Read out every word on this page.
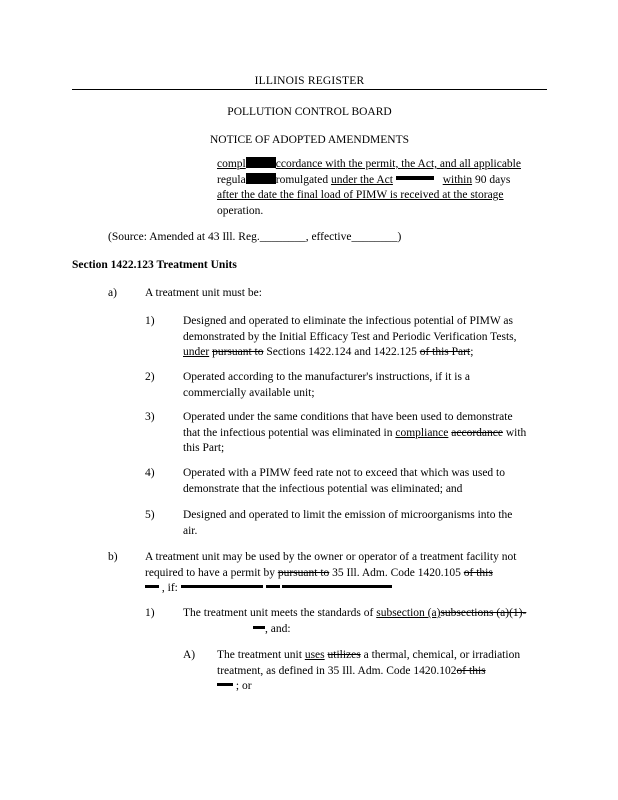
ILLINOIS REGISTER
POLLUTION CONTROL BOARD
NOTICE OF ADOPTED AMENDMENTS
compl	ccordance with the permit, the Act, and all applicable
regula	romulgated under the Act	within 90 days
after the date the final load of PIMW is received at the storage
operation.
(Source: Amended at 43 Ill. Reg.________, effective________)
Section 1422.123 Treatment Units
a) A treatment unit must be:
1) Designed and operated to eliminate the infectious potential of PIMW as
demonstrated by the Initial Efficacy Test and Periodic Verification Tests,
under pursuant to Sections 1422.124 and 1422.125 of this Part;
2) Operated according to the manufacturer's instructions, if it is a
commercially available unit;
3) Operated under the same conditions that have been used to demonstrate
that the infectious potential was eliminated in compliance accordance with
this Part;
4) Operated with a PIMW feed rate not to exceed that which was used to
demonstrate that the infectious potential was eliminated; and
5) Designed and operated to limit the emission of microorganisms into the
air.
b) A treatment unit may be used by the owner or operator of a treatment facility not
required to have a permit by pursuant to 35 Ill. Adm. Code 1420.105 of this
, if:
1) The treatment unit meets the standards of subsection (a)subsections (a)(1)-
, and:
A) The treatment unit uses utilizes a thermal, chemical, or irradiation
treatment, as defined in 35 Ill. Adm. Code 1420.102of this
; or
